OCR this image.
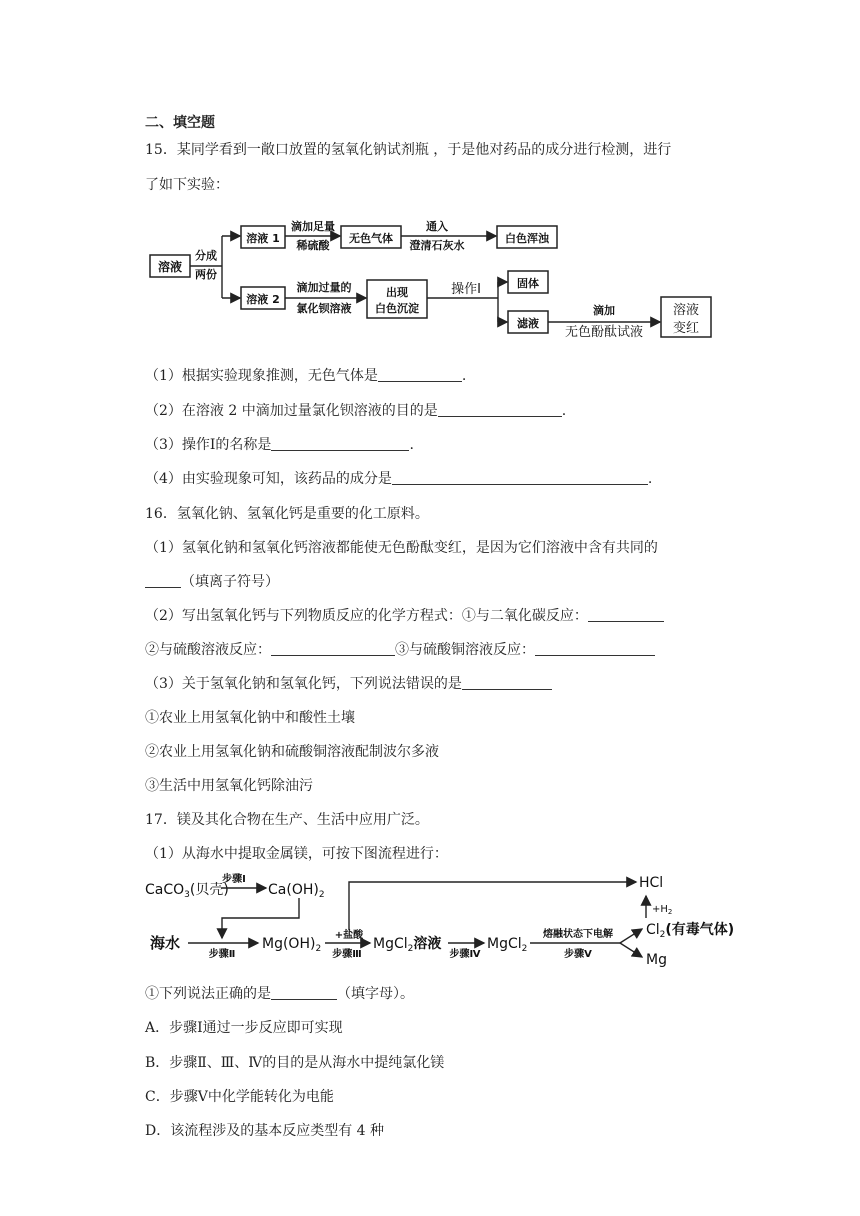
二、填空题
15．某同学看到一敞口放置的氢氧化钠试剂瓶 ，于是他对药品的成分进行检测，进行
了如下实验：
溶液
分成
两份
溶液 1
滴加足量
稀硫酸
无色气体
通入
澄清石灰水
白色浑浊
溶液 2
滴加过量的
氯化钡溶液
出现
白色沉淀
操作Ⅰ	固体
滤液
滴加
无色酚酞试液
溶液
变红
（1）根据实验现象推测，无色气体是	.
（2）在溶液 2 中滴加过量氯化钡溶液的目的是	.
（3）操作Ⅰ的名称是	.
（4）由实验现象可知，该药品的成分是	.
16．氢氧化钠、氢氧化钙是重要的化工原料。
（1）氢氧化钠和氢氧化钙溶液都能使无色酚酞变红，是因为它们溶液中含有共同的
（填离子符号）
（2）写出氢氧化钙与下列物质反应的化学方程式：①与二氧化碳反应：
②与硫酸溶液反应：	③与硫酸铜溶液反应：
（3）关于氢氧化钠和氢氧化钙，下列说法错误的是
①农业上用氢氧化钠中和酸性土壤
②农业上用氢氧化钠和硫酸铜溶液配制波尔多液
③生活中用氢氧化钙除油污
17．镁及其化合物在生产、生活中应用广泛。
（1）从海水中提取金属镁，可按下图流程进行：
CaCO$_3$(贝壳)
步骤Ⅰ
$Ca(OH)_2$
HCl
$+H_2$
海水
步骤Ⅱ
$Mg(OH)_2$
+盐酸
步骤Ⅲ
MgCl$_2$溶液
步骤Ⅳ
MgCl$_2$
熔融状态下电解
步骤Ⅴ
$Cl_2$(有毒气体)
Mg
①下列说法正确的是	（填字母）。
A．步骤Ⅰ通过一步反应即可实现
B．步骤Ⅱ、Ⅲ、Ⅳ的目的是从海水中提纯氯化镁
C．步骤Ⅴ中化学能转化为电能
D．该流程涉及的基本反应类型有 4 种
